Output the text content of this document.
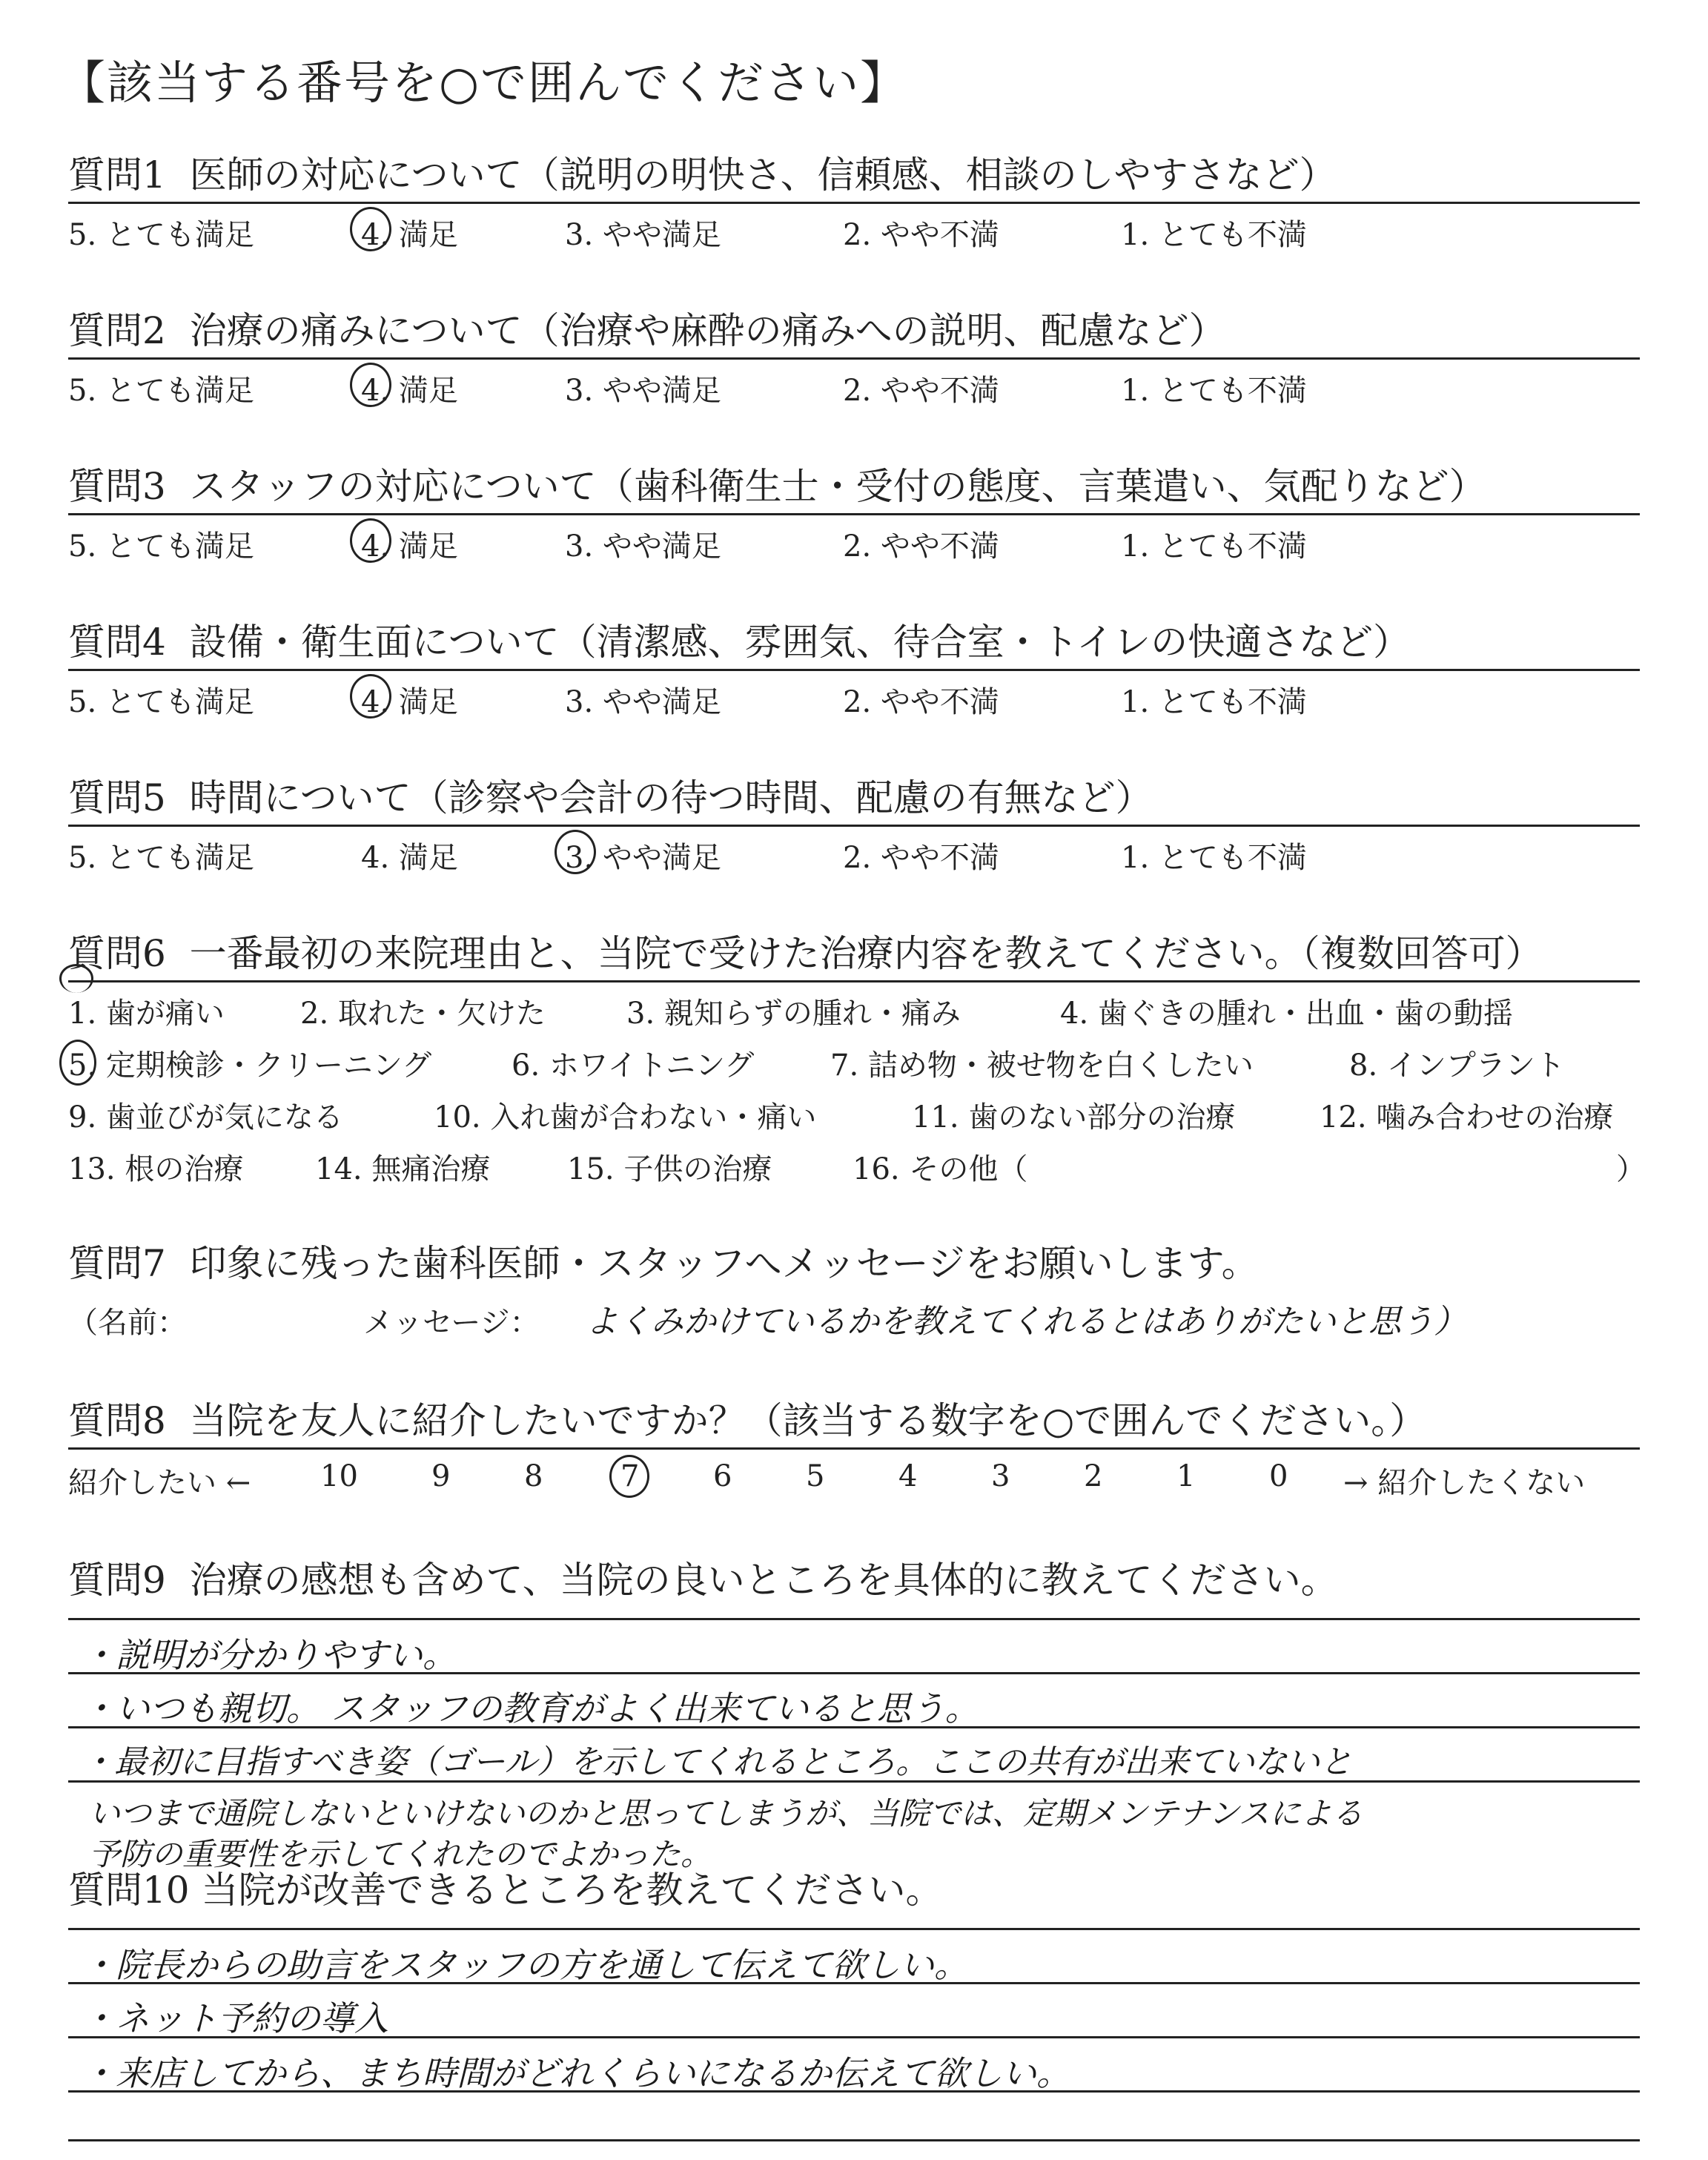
【該当する番号を○で囲んでください】
質問1 医師の対応について（説明の明快さ、信頼感、相談のしやすさなど）
5. とても満足	4. 満足	3. やや満足	2. やや不満	1. とても不満
質問2 治療の痛みについて（治療や麻酔の痛みへの説明、配慮など）
5. とても満足	4. 満足	3. やや満足	2. やや不満	1. とても不満
質問3 スタッフの対応について（歯科衛生士・受付の態度、言葉遣い、気配りなど）
5. とても満足	4. 満足	3. やや満足	2. やや不満	1. とても不満
質問4 設備・衛生面について（清潔感、雰囲気、待合室・トイレの快適さなど）
5. とても満足	4. 満足	3. やや満足	2. やや不満	1. とても不満
質問5 時間について（診察や会計の待つ時間、配慮の有無など）
5. とても満足	4. 満足	3. やや満足	2. やや不満	1. とても不満
質問6 一番最初の来院理由と、当院で受けた治療内容を教えてください。（複数回答可）
1. 歯が痛い	2. 取れた・欠けた	3. 親知らずの腫れ・痛み	4. 歯ぐきの腫れ・出血・歯の動揺
5. 定期検診・クリーニング	6. ホワイトニング	7. 詰め物・被せ物を白くしたい	8. インプラント
9. 歯並びが気になる	10. 入れ歯が合わない・痛い	11. 歯のない部分の治療	12. 噛み合わせの治療
13. 根の治療 14. 無痛治療	15. 子供の治療	16. その他（	）
質問7 印象に残った歯科医師・スタッフへメッセージをお願いします。
（名前：	メッセージ： よくみかけているかを教えてくれるとはありがたいと思う）
質問8 当院を友人に紹介したいですか？（該当する数字を○で囲んでください。）
紹介したい ← 10 9 8	7 6 5 4 3 2 1 0 → 紹介したくない
質問9 治療の感想も含めて、当院の良いところを具体的に教えてください。
・説明が分かりやすい。
・いつも親切。 スタッフの教育がよく出来ていると思う。
・最初に目指すべき姿（ゴール）を示してくれるところ。ここの共有が出来ていないと
いつまで通院しないといけないのかと思ってしまうが、当院では、定期メンテナンスによる
予防の重要性を示してくれたのでよかった。
質問10 当院が改善できるところを教えてください。
・院長からの助言をスタッフの方を通して伝えて欲しい。
・ネット予約の導入
・来店してから、まち時間がどれくらいになるか伝えて欲しい。
